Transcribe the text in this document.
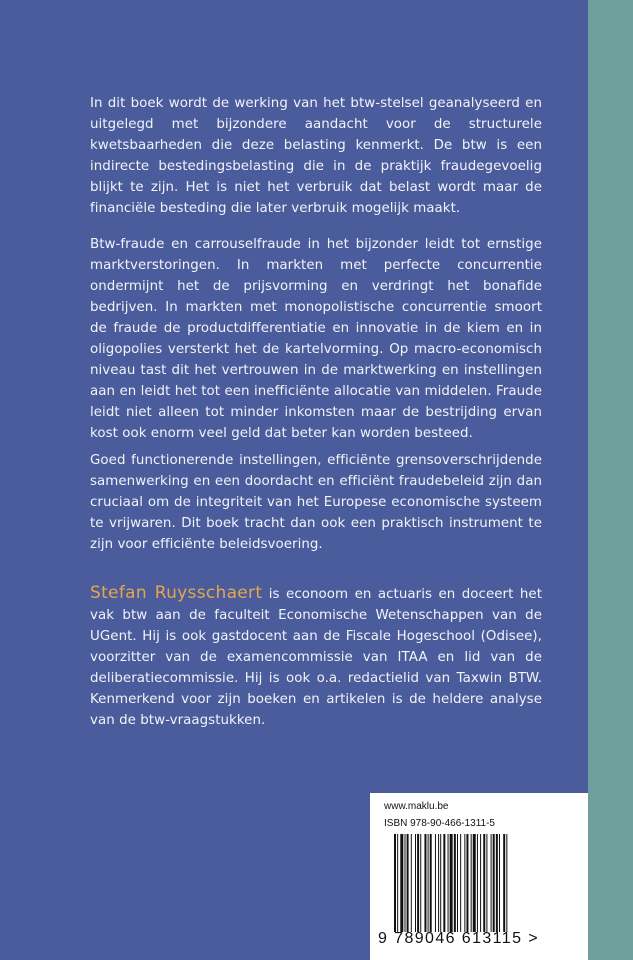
In dit boek wordt de werking van het btw-stelsel geanalyseerd en uitgelegd met bijzondere aandacht voor de structurele kwetsbaarheden die deze belasting kenmerkt. De btw is een indirecte bestedingsbelasting die in de praktijk fraudegevoelig blijkt te zijn. Het is niet het verbruik dat belast wordt maar de financiële besteding die later verbruik mogelijk maakt.

Btw-fraude en carrouselfraude in het bijzonder leidt tot ernstige marktverstoringen. In markten met perfecte concurrentie ondermijnt het de prijsvorming en verdringt het bonafide bedrijven. In markten met monopolistische concurrentie smoort de fraude de productdifferentiatie en innovatie in de kiem en in oligopolies versterkt het de kartelvorming. Op macro-economisch niveau tast dit het vertrouwen in de marktwerking en instellingen aan en leidt het tot een inefficiënte allocatie van middelen. Fraude leidt niet alleen tot minder inkomsten maar de bestrijding ervan kost ook enorm veel geld dat beter kan worden besteed.

Goed functionerende instellingen, efficiënte grensoverschrijdende samenwerking en een doordacht en efficiënt fraudebeleid zijn dan cruciaal om de integriteit van het Europese economische systeem te vrijwaren. Dit boek tracht dan ook een praktisch instrument te zijn voor efficiënte beleidsvoering.

Stefan Ruysschaert is econoom en actuaris en doceert het vak btw aan de faculteit Economische Wetenschappen van de UGent. Hij is ook gastdocent aan de Fiscale Hogeschool (Odisee), voorzitter van de examencommissie van ITAA en lid van de deliberatiecommissie. Hij is ook o.a. redactielid van Taxwin BTW. Kenmerkend voor zijn boeken en artikelen is de heldere analyse van de btw-vraagstukken.

www.maklu.be
ISBN 978-90-466-1311-5
9 789046 613115 >
